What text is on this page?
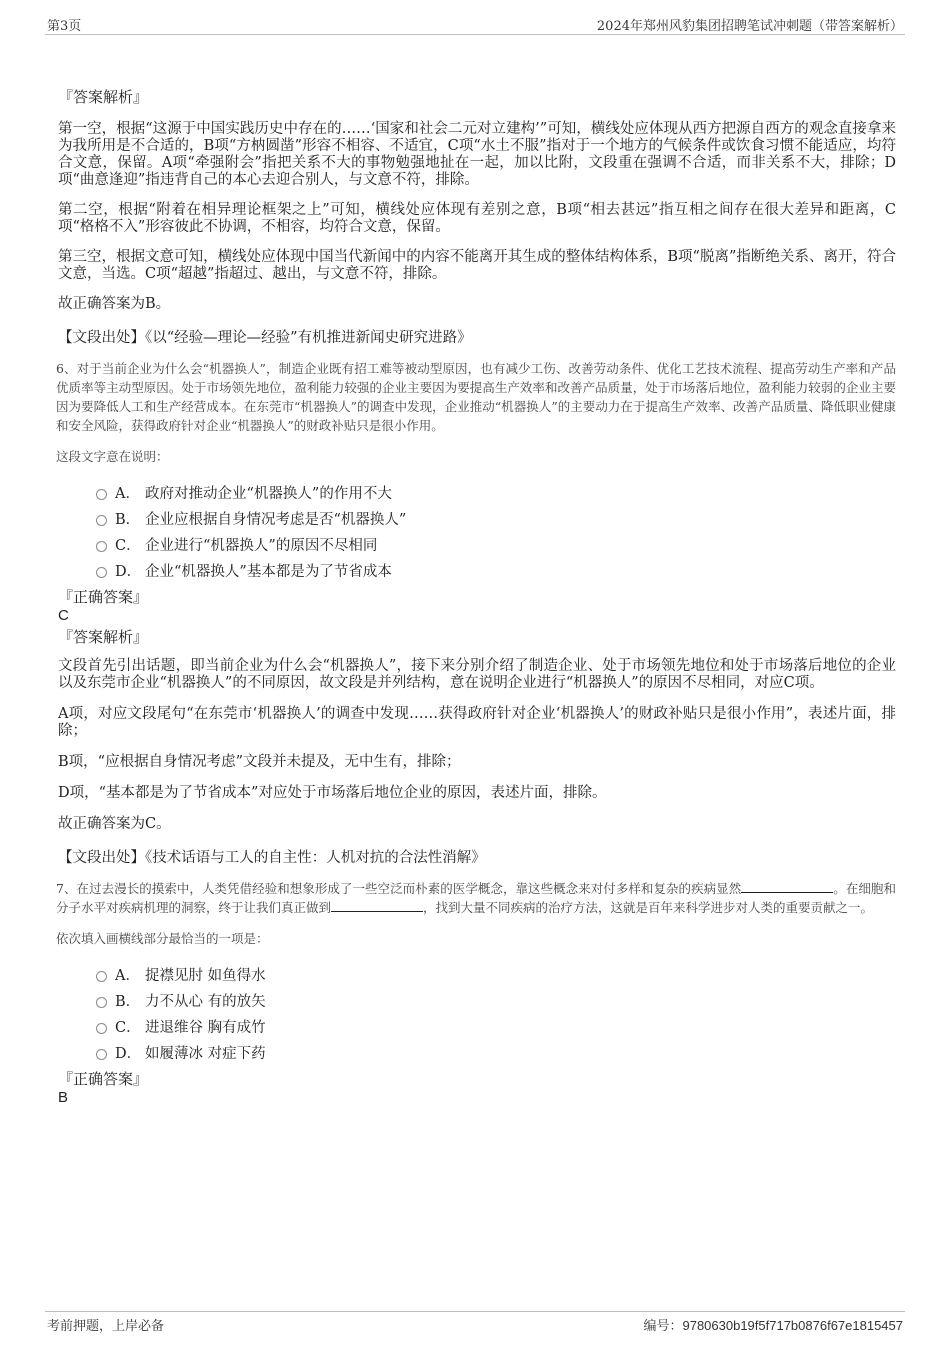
第3页	2024年郑州风豹集团招聘笔试冲刺题（带答案解析）
『答案解析』

第一空，根据“这源于中国实践历史中存在的……‘国家和社会二元对立建构’”可知，横线处应体现从西方把源自西方的观念直接拿来为我所用是不合适的，B项“方枘圆凿”形容不相容、不适宜，C项“水土不服”指对于一个地方的气候条件或饮食习惯不能适应，均符合文意，保留。A项“牵强附会”指把关系不大的事物勉强地扯在一起，加以比附，文段重在强调不合适，而非关系不大，排除；D项“曲意逢迎”指违背自己的本心去迎合别人，与文意不符，排除。

第二空，根据“附着在相异理论框架之上”可知，横线处应体现有差别之意，B项“相去甚远”指互相之间存在很大差异和距离，C项“格格不入”形容彼此不协调，不相容，均符合文意，保留。

第三空，根据文意可知，横线处应体现中国当代新闻中的内容不能离开其生成的整体结构体系，B项“脱离”指断绝关系、离开，符合文意，当选。C项“超越”指超过、越出，与文意不符，排除。

故正确答案为B。

【文段出处】《以“经验—理论—经验”有机推进新闻史研究进路》

6、对于当前企业为什么会“机器换人”，制造企业既有招工难等被动型原因，也有减少工伤、改善劳动条件、优化工艺技术流程、提高劳动生产率和产品优质率等主动型原因。处于市场领先地位，盈利能力较强的企业主要因为要提高生产效率和改善产品质量，处于市场落后地位，盈利能力较弱的企业主要因为要降低人工和生产经营成本。在东莞市“机器换人”的调查中发现，企业推动“机器换人”的主要动力在于提高生产效率、改善产品质量、降低职业健康和安全风险，获得政府针对企业“机器换人”的财政补贴只是很小作用。

这段文字意在说明：
A． 政府对推动企业“机器换人”的作用不大
B． 企业应根据自身情况考虑是否“机器换人”
C． 企业进行“机器换人”的原因不尽相同
D． 企业“机器换人”基本都是为了节省成本
『正确答案』
C
『答案解析』

文段首先引出话题，即当前企业为什么会“机器换人”，接下来分别介绍了制造企业、处于市场领先地位和处于市场落后地位的企业以及东莞市企业“机器换人”的不同原因，故文段是并列结构，意在说明企业进行“机器换人”的原因不尽相同，对应C项。

A项，对应文段尾句“在东莞市‘机器换人’的调查中发现……获得政府针对企业‘机器换人’的财政补贴只是很小作用”，表述片面，排除；

B项，“应根据自身情况考虑”文段并未提及，无中生有，排除；

D项，“基本都是为了节省成本”对应处于市场落后地位企业的原因，表述片面，排除。

故正确答案为C。

【文段出处】《技术话语与工人的自主性：人机对抗的合法性消解》

7、在过去漫长的摸索中，人类凭借经验和想象形成了一些空泛而朴素的医学概念，靠这些概念来对付多样和复杂的疾病显然	。在细胞和分子水平对疾病机理的洞察，终于让我们真正做到	，找到大量不同疾病的治疗方法，这就是百年来科学进步对人类的重要贡献之一。

依次填入画横线部分最恰当的一项是：
A． 捉襟见肘 如鱼得水
B． 力不从心 有的放矢
C． 进退维谷 胸有成竹
D． 如履薄冰 对症下药
『正确答案』
B
考前押题，上岸必备	编号：9780630b19f5f717b0876f67e1815457
